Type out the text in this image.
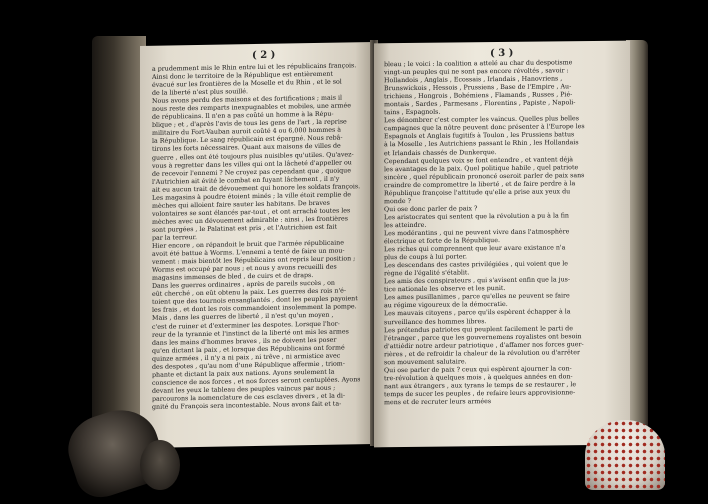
( 2 )
a prudemment mis le Rhin entre lui et les républicains françois.
Ainsi donc le territoire de la République est entièrement
évacué sur les frontières de la Moselle et du Rhin , et le sol
de la liberté n'est plus souillé.
Nous avons perdu des maisons et des fortifications ; mais il
nous reste des remparts inexpugnables et mobiles, une armée
de républicains. Il n'en a pas coûté un homme à la Répu-
blique ; et , d'après l'avis de tous les gens de l'art , la reprise
militaire du Fort-Vauban auroit coûté 4 ou 6,000 hommes à
la République. Le sang républicain est épargné. Nous rebâ-
tirons les forts nécessaires. Quant aux maisons de villes de
guerre , elles ont été toujours plus nuisibles qu'utiles. Qu'avez-
vous à regretter dans les villes qui ont la lâcheté d'appeller ou
de recevoir l'ennemi ? Ne croyez pas cependant que , quoique
l'Autrichien ait évité le combat en fuyant lâchement , il n'y
ait eu aucun trait de dévouement qui honore les soldats françois.
Les magasins à poudre étoient minés ; la ville étoit remplie de
mèches qui alloient faire sauter les habitans. De braves
volontaires se sont élancés par-tout , et ont arraché toutes les
mèches avec un dévouement admirable : ainsi , les frontières
sont purgées , le Palatinat est pris , et l'Autrichien est fait
par la terreur.
Hier encore , on répandoit le bruit que l'armée républicaine
avoit été battue à Worms. L'ennemi a tenté de faire un mou-
vement : mais bientôt les Républicains ont repris leur position ;
Worms est occupé par nous ; et nous y avons recueilli des
magasins immenses de bled , de cuirs et de draps.
Dans les guerres ordinaires , après de pareils succès , on
eût cherché , on eût obtenu la paix. Les guerres des rois n'é-
toient que des tournois ensanglantés , dont les peuples payoient
les frais , et dont les rois commandoient insolemment la pompe.
Mais , dans les guerres de liberté , il n'est qu'un moyen ,
c'est de ruiner et d'exterminer les despotes. Lorsque l'hor-
reur de la tyrannie et l'instinct de la liberté ont mis les armes
dans les mains d'hommes braves , ils ne doivent les poser
qu'en dictant la paix , et lorsque des Républicains ont formé
quinze armées , il n'y a ni paix , ni trêve , ni armistice avec
des despotes , qu'au nom d'une République affermie , triom-
phante et dictant la paix aux nations. Ayons seulement la
conscience de nos forces , et nos forces seront centuplées. Ayons
devant les yeux le tableau des peuples vaincus par nous ;
parcourons la nomenclature de ces esclaves divers , et la di-
gnité du François sera incontestable. Nous avons fait et ta-
( 3 )
bleau ; le voici : la coalition a attelé au char du despotisme
vingt-un peuples qui ne sont pas encore révoltés , savoir :
Hollandois , Anglais , Ecossais , Irlandais , Hanovriens ,
Brunswickois , Hessois , Prussiens , Base de l'Empire , Au-
trichiens , Hongrois , Bohémiens , Flamands , Russes , Pié-
montais , Sardes , Parmesans , Florentins , Papiste , Napoli-
tains , Espagnols.
Les dénombrer c'est compter les vaincus. Quelles plus belles
campagnes que la nôtre peuvent donc présenter à l'Europe les
Espagnols et Anglais fugitifs à Toulon , les Prussiens battus
à la Moselle , les Autrichiens passant le Rhin , les Hollandais
et Irlandais chassés de Dunkerque.
Cependant quelques voix se font entendre , et vantent déjà
les avantages de la paix. Quel politique habile , quel patriote
sincère , quel républicain prononcé oseroit parler de paix sans
craindre de compromettre la liberté , et de faire perdre à la
République françoise l'attitude qu'elle a prise aux yeux du
monde ?
Qui ose donc parler de paix ?
Les aristocrates qui sentent que la révolution a pu à la fin
les atteindre.
Les modérantins , qui ne peuvent vivre dans l'atmosphère
électrique et forte de la République.
Les riches qui comprennent que leur avare existance n'a
plus de coups à lui porter.
Les descendans des castes privilégiées , qui voient que le
règne de l'égalité s'établit.
Les amis des conspirateurs , qui s'avisent enfin que la jus-
tice nationale les observe et les punit.
Les ames pusillanimes , parce qu'elles ne peuvent se faire
au régime vigoureux de la démocratie.
Les mauvais citoyens , parce qu'ils espèrent échapper à la
surveillance des hommes libres.
Les prétendus patriotes qui peuplent facilement le parti de
l'étranger , parce que les gouvernemens royalistes ont besoin
d'attiédir notre ardeur patriotique , d'affamer nos forces guer-
rières , et de refroidir la chaleur de la révolution ou d'arrêter
son mouvement salutaire.
Qui ose parler de paix ? ceux qui espèrent ajourner la con-
tre-révolution à quelques mois , à quelques années en don-
nant aux étrangers , aux tyrans le temps de se restaurer , le
temps de sucer les peuples , de refaire leurs approvisionne-
mens et de recruter leurs armées
